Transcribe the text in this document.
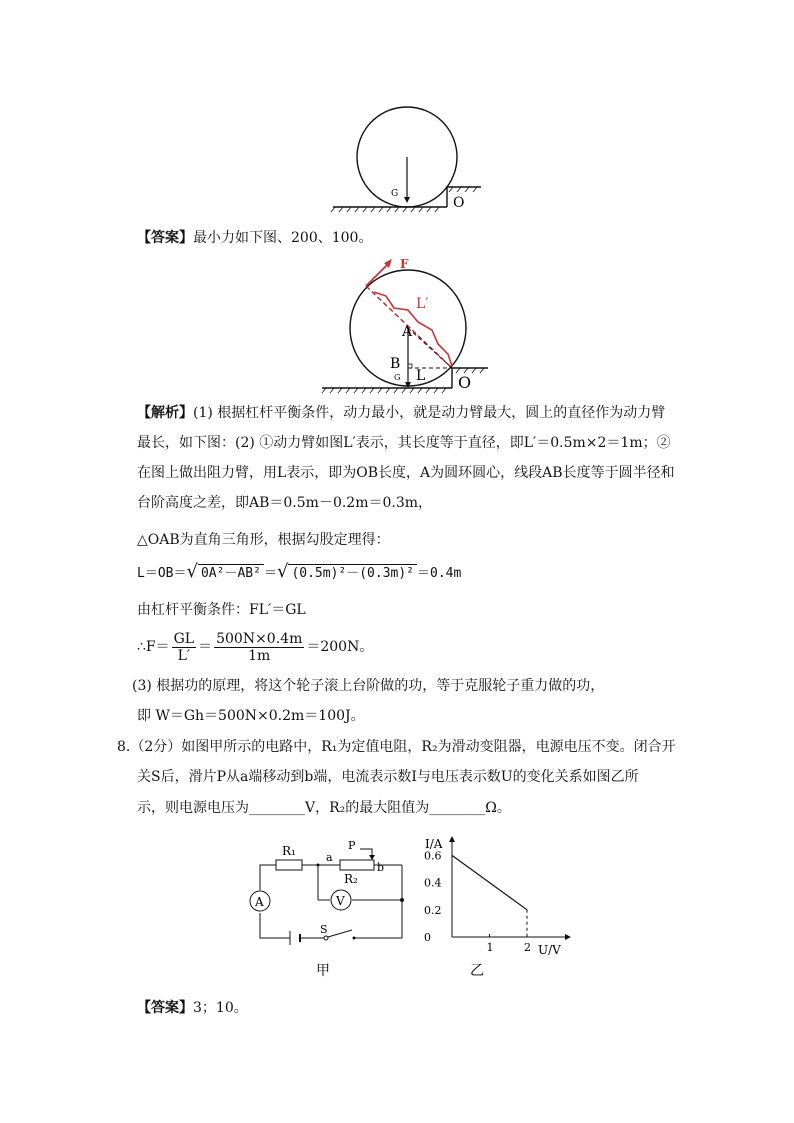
G
O
【答案】最小力如下图、200、100。
F
L′
A
B
G L O
【解析】(1) 根据杠杆平衡条件，动力最小，就是动力臂最大，圆上的直径作为动力臂
最长，如下图：(2) ①动力臂如图L′表示，其长度等于直径，即L′＝0.5m×2＝1m；②
在图上做出阻力臂，用L表示，即为OB长度，A为圆环圆心，线段AB长度等于圆半径和
台阶高度之差，即AB＝0.5m－0.2m＝0.3m，
△OAB为直角三角形，根据勾股定理得：
L＝OB＝√ 0A²－AB² ＝√ (0.5m)²－(0.3m)² ＝0.4m
由杠杆平衡条件：FL′＝GL
∴F＝ $\frac{GL}{L'} = \frac{500N\times 0.4m}{1m} =200N$。
(3) 根据功的原理，将这个轮子滚上台阶做的功，等于克服轮子重力做的功，
即 W＝Gh＝500N×0.2m＝100J。
8.（2分）如图甲所示的电路中，R₁为定值电阻，R₂为滑动变阻器，电源电压不变。闭合开
关S后，滑片P从a端移动到b端，电流表示数I与电压表示数U的变化关系如图乙所
示，则电源电压为________V，R₂的最大阻值为________Ω。
A	V
R₁	a
b
P
R₂
S
甲
I/A
U/V
0
0.2
0.4
0.6
1	2
乙
【答案】3；10。
